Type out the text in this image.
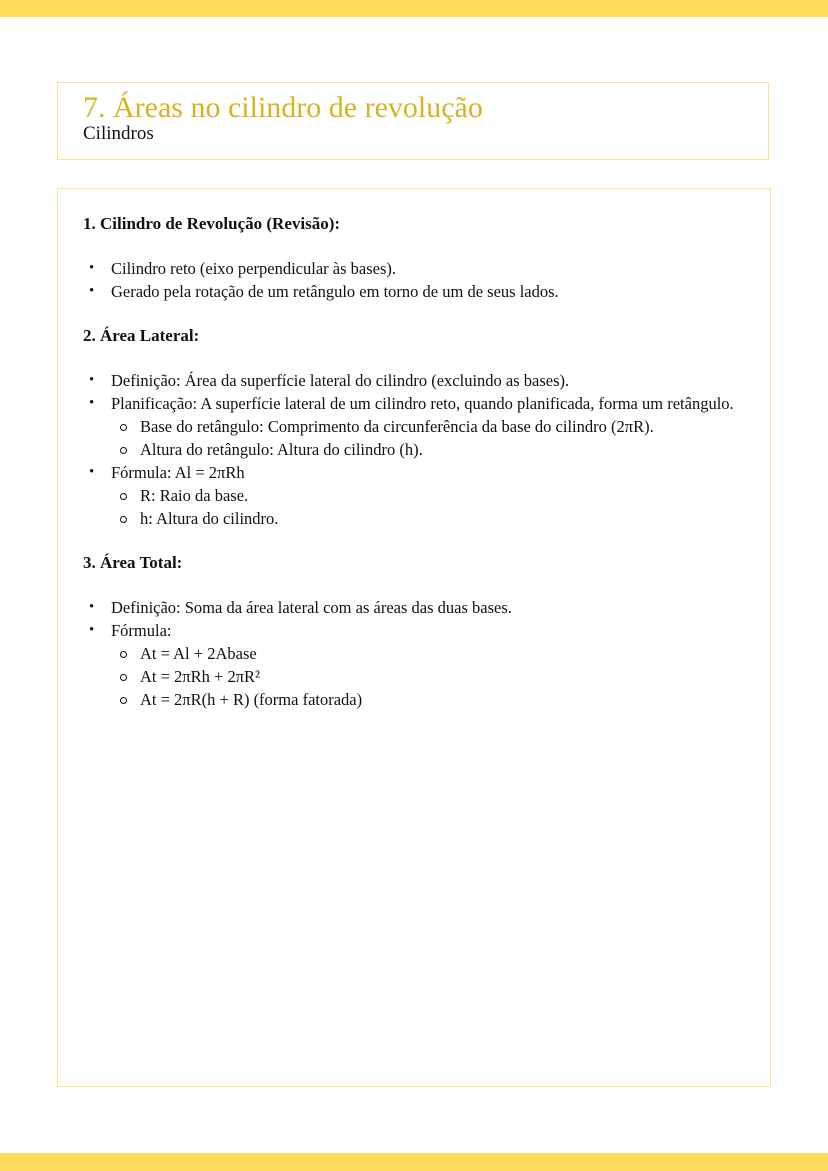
7. Áreas no cilindro de revolução
Cilindros
1. Cilindro de Revolução (Revisão):
• Cilindro reto (eixo perpendicular às bases).
• Gerado pela rotação de um retângulo em torno de um de seus lados.
2. Área Lateral:
• Definição: Área da superfície lateral do cilindro (excluindo as bases).
• Planificação: A superfície lateral de um cilindro reto, quando planificada, forma um retângulo.
Base do retângulo: Comprimento da circunferência da base do cilindro (2πR).
Altura do retângulo: Altura do cilindro (h).
• Fórmula: Al = 2πRh
R: Raio da base.
h: Altura do cilindro.
3. Área Total:
• Definição: Soma da área lateral com as áreas das duas bases.
• Fórmula:
At = Al + 2Abase
At = 2πRh + 2πR²
At = 2πR(h + R) (forma fatorada)
